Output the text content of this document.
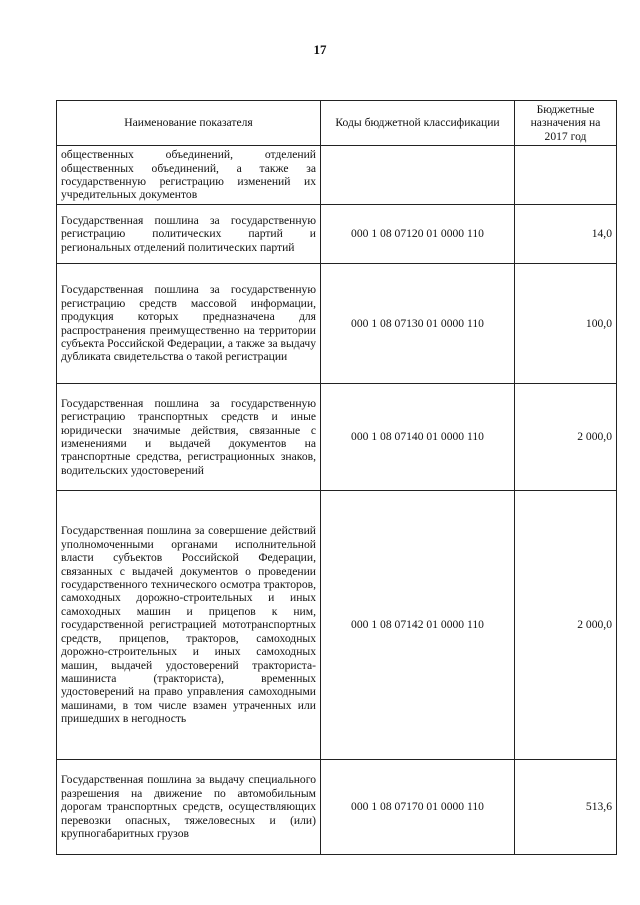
17
Наименование показателя	Коды бюджетной классификации	Бюджетные назначения на 2017 год
общественных объединений, отделений общественных объединений, а также за государственную регистрацию изменений их учредительных документов		
Государственная пошлина за государственную регистрацию политических партий и региональных отделений политических партий	000 1 08 07120 01 0000 110	14,0
Государственная пошлина за государственную регистрацию средств массовой информации, продукция которых предназначена для распространения преимущественно на территории субъекта Российской Федерации, а также за выдачу дубликата свидетельства о такой регистрации	000 1 08 07130 01 0000 110	100,0
Государственная пошлина за государственную регистрацию транспортных средств и иные юридически значимые действия, связанные с изменениями и выдачей документов на транспортные средства, регистрационных знаков, водительских удостоверений	000 1 08 07140 01 0000 110	2 000,0
Государственная пошлина за совершение действий уполномоченными органами исполнительной власти субъектов Российской Федерации, связанных с выдачей документов о проведении государственного технического осмотра тракторов, самоходных дорожно-строительных и иных самоходных машин и прицепов к ним, государственной регистрацией мототранспортных средств, прицепов, тракторов, самоходных дорожно-строительных и иных самоходных машин, выдачей удостоверений тракториста-машиниста (тракториста), временных удостоверений на право управления самоходными машинами, в том числе взамен утраченных или пришедших в негодность	000 1 08 07142 01 0000 110	2 000,0
Государственная пошлина за выдачу специального разрешения на движение по автомобильным дорогам транспортных средств, осуществляющих перевозки опасных, тяжеловесных и (или) крупногабаритных грузов	000 1 08 07170 01 0000 110	513,6
